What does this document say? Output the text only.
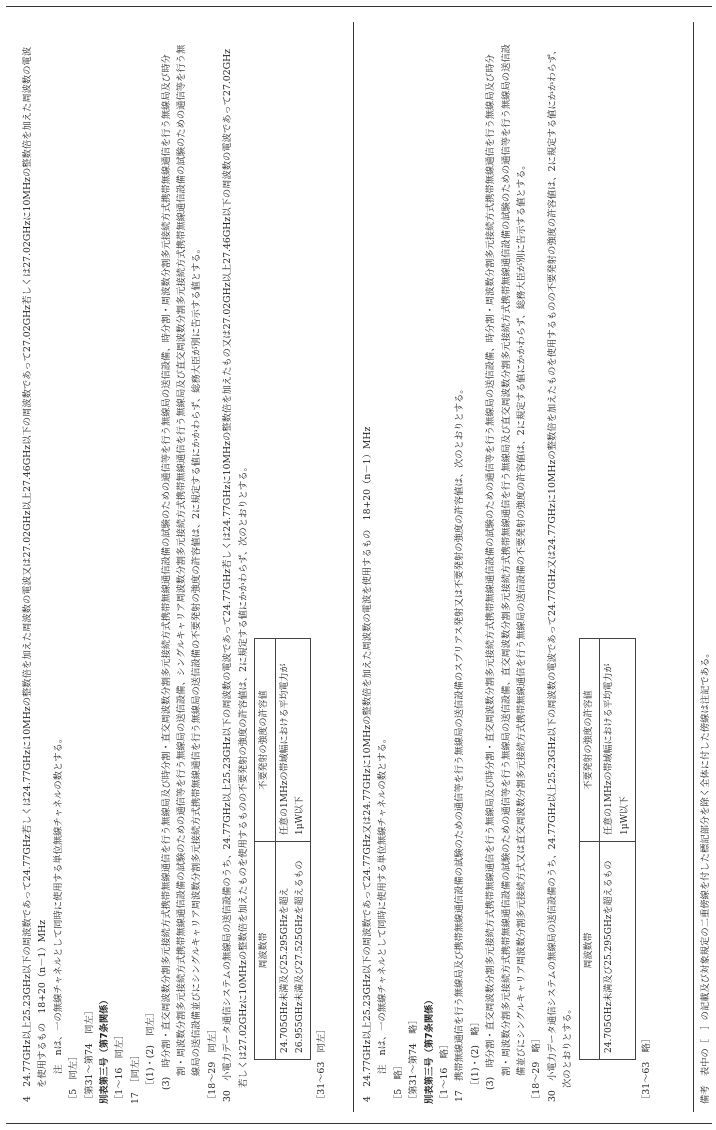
4　24.77GHz以上25.23GHz以下の周波数であって24.77GHz若しくは24.77GHzに10MHzの整数倍を加えた周波数の電波又は27.02GHz以上27.46GHz以下の周波数であって27.02GHz若しくは27.02GHzに10MHzの整数倍を加えた周波数の電波を使用するもの　18+20（n－1）MHz 注　nは、一の無線チャネルとして同時に使用する単位無線チャネルの数とする。

［5　同左］ ［第31～第74　同左］ 別表第三号（第7条関係） ［1～16　同左］ 17　［同左］ ［(1)・(2)　同左］ (3)　時分割・直交周波数分割多元接続方式携帯無線通信を行う無線局及び時分割・直交周波数分割多元接続方式携帯無線通信設備の試験のための通信等を行う無線局の送信設備、時分割・周波数分割多元接続方式携帯無線通信を行う無線局及び時分割・周波数分割多元接続方式携帯無線通信設備の試験のための通信等を行う無線局の送信設備、シングルキャリア周波数分割多元接続方式携帯無線通信を行う無線局及び直交周波数分割多元接続方式携帯無線通信設備の試験のための通信等を行う無線局の送信設備並びにシングルキャリア周波数分割多元接続方式携帯無線通信を行う無線局の送信設備の不要発射の強度の許容値は、2に規定する値にかかわらず、総務大臣が別に告示する値とする。 ［18～29　同左］ 30　小電力データ通信システムの無線局の送信設備のうち、24.77GHz以上25.23GHz以下の周波数の電波であって24.77GHz若しくは24.77GHzに10MHzの整数倍を加えたもの又は27.02GHz以上27.46GHz以下の周波数の電波であって27.02GHz若しくは27.02GHzに10MHzの整数倍を加えたものを使用するものの不要発射の強度の許容値は、2に規定する値にかかわらず、次のとおりとする。 周波数帯	不要発射の強度の許容値
24.705GHz未満及び25.295GHzを超え26.955GHz未満及び27.525GHzを超えるもの	任意の1MHzの帯域幅における平均電力が1μW以下

［31～63　同左］	4　24.77GHz以上25.23GHz以下の周波数であって24.77GHz又は24.77GHzに10MHzの整数倍を加えた周波数の電波を使用するもの　18+20（n－1）MHz 注　nは、一の無線チャネルとして同時に使用する単位無線チャネルの数とする。

［5　略］ ［第31～第74　略］ 別表第三号（第7条関係） ［1～16　略］ 17　携帯無線通信を行う無線局及び携帯無線通信設備の試験のための通信等を行う無線局の送信設備のスプリアス発射又は不要発射の強度の許容値は、次のとおりとする。 ［(1)・(2)　略］ (3)　時分割・直交周波数分割多元接続方式携帯無線通信を行う無線局及び時分割・直交周波数分割多元接続方式携帯無線通信設備の試験のための通信等を行う無線局の送信設備、時分割・周波数分割多元接続方式携帯無線通信を行う無線局及び時分割・周波数分割多元接続方式携帯無線通信設備の試験のための通信等を行う無線局の送信設備、直交周波数分割多元接続方式携帯無線通信を行う無線局及び直交周波数分割多元接続方式携帯無線通信設備の試験のための通信等を行う無線局の送信設備並びにシングルキャリア周波数分割多元接続方式又は直交周波数分割多元接続方式携帯無線通信を行う無線局の送信設備の不要発射の強度の許容値は、2に規定する値にかかわらず、総務大臣が別に告示する値とする。 ［18～29　略］ 30　小電力データ通信システムの無線局の送信設備のうち、24.77GHz以上25.23GHz以下の周波数の電波であって24.77GHz又は24.77GHzに10MHzの整数倍を加えたものを使用するものの不要発射の強度の許容値は、2に規定する値にかかわらず、次のとおりとする。

周波数帯	不要発射の強度の許容値
24.705GHz未満及び25.295GHzを超えるもの	任意の1MHzの帯域幅における平均電力が1μW以下

［31～63　略］	備考　表中の［　］の記載及び対象規定の二重傍線を付した標記部分を除く全体に付した傍線は注記である。
